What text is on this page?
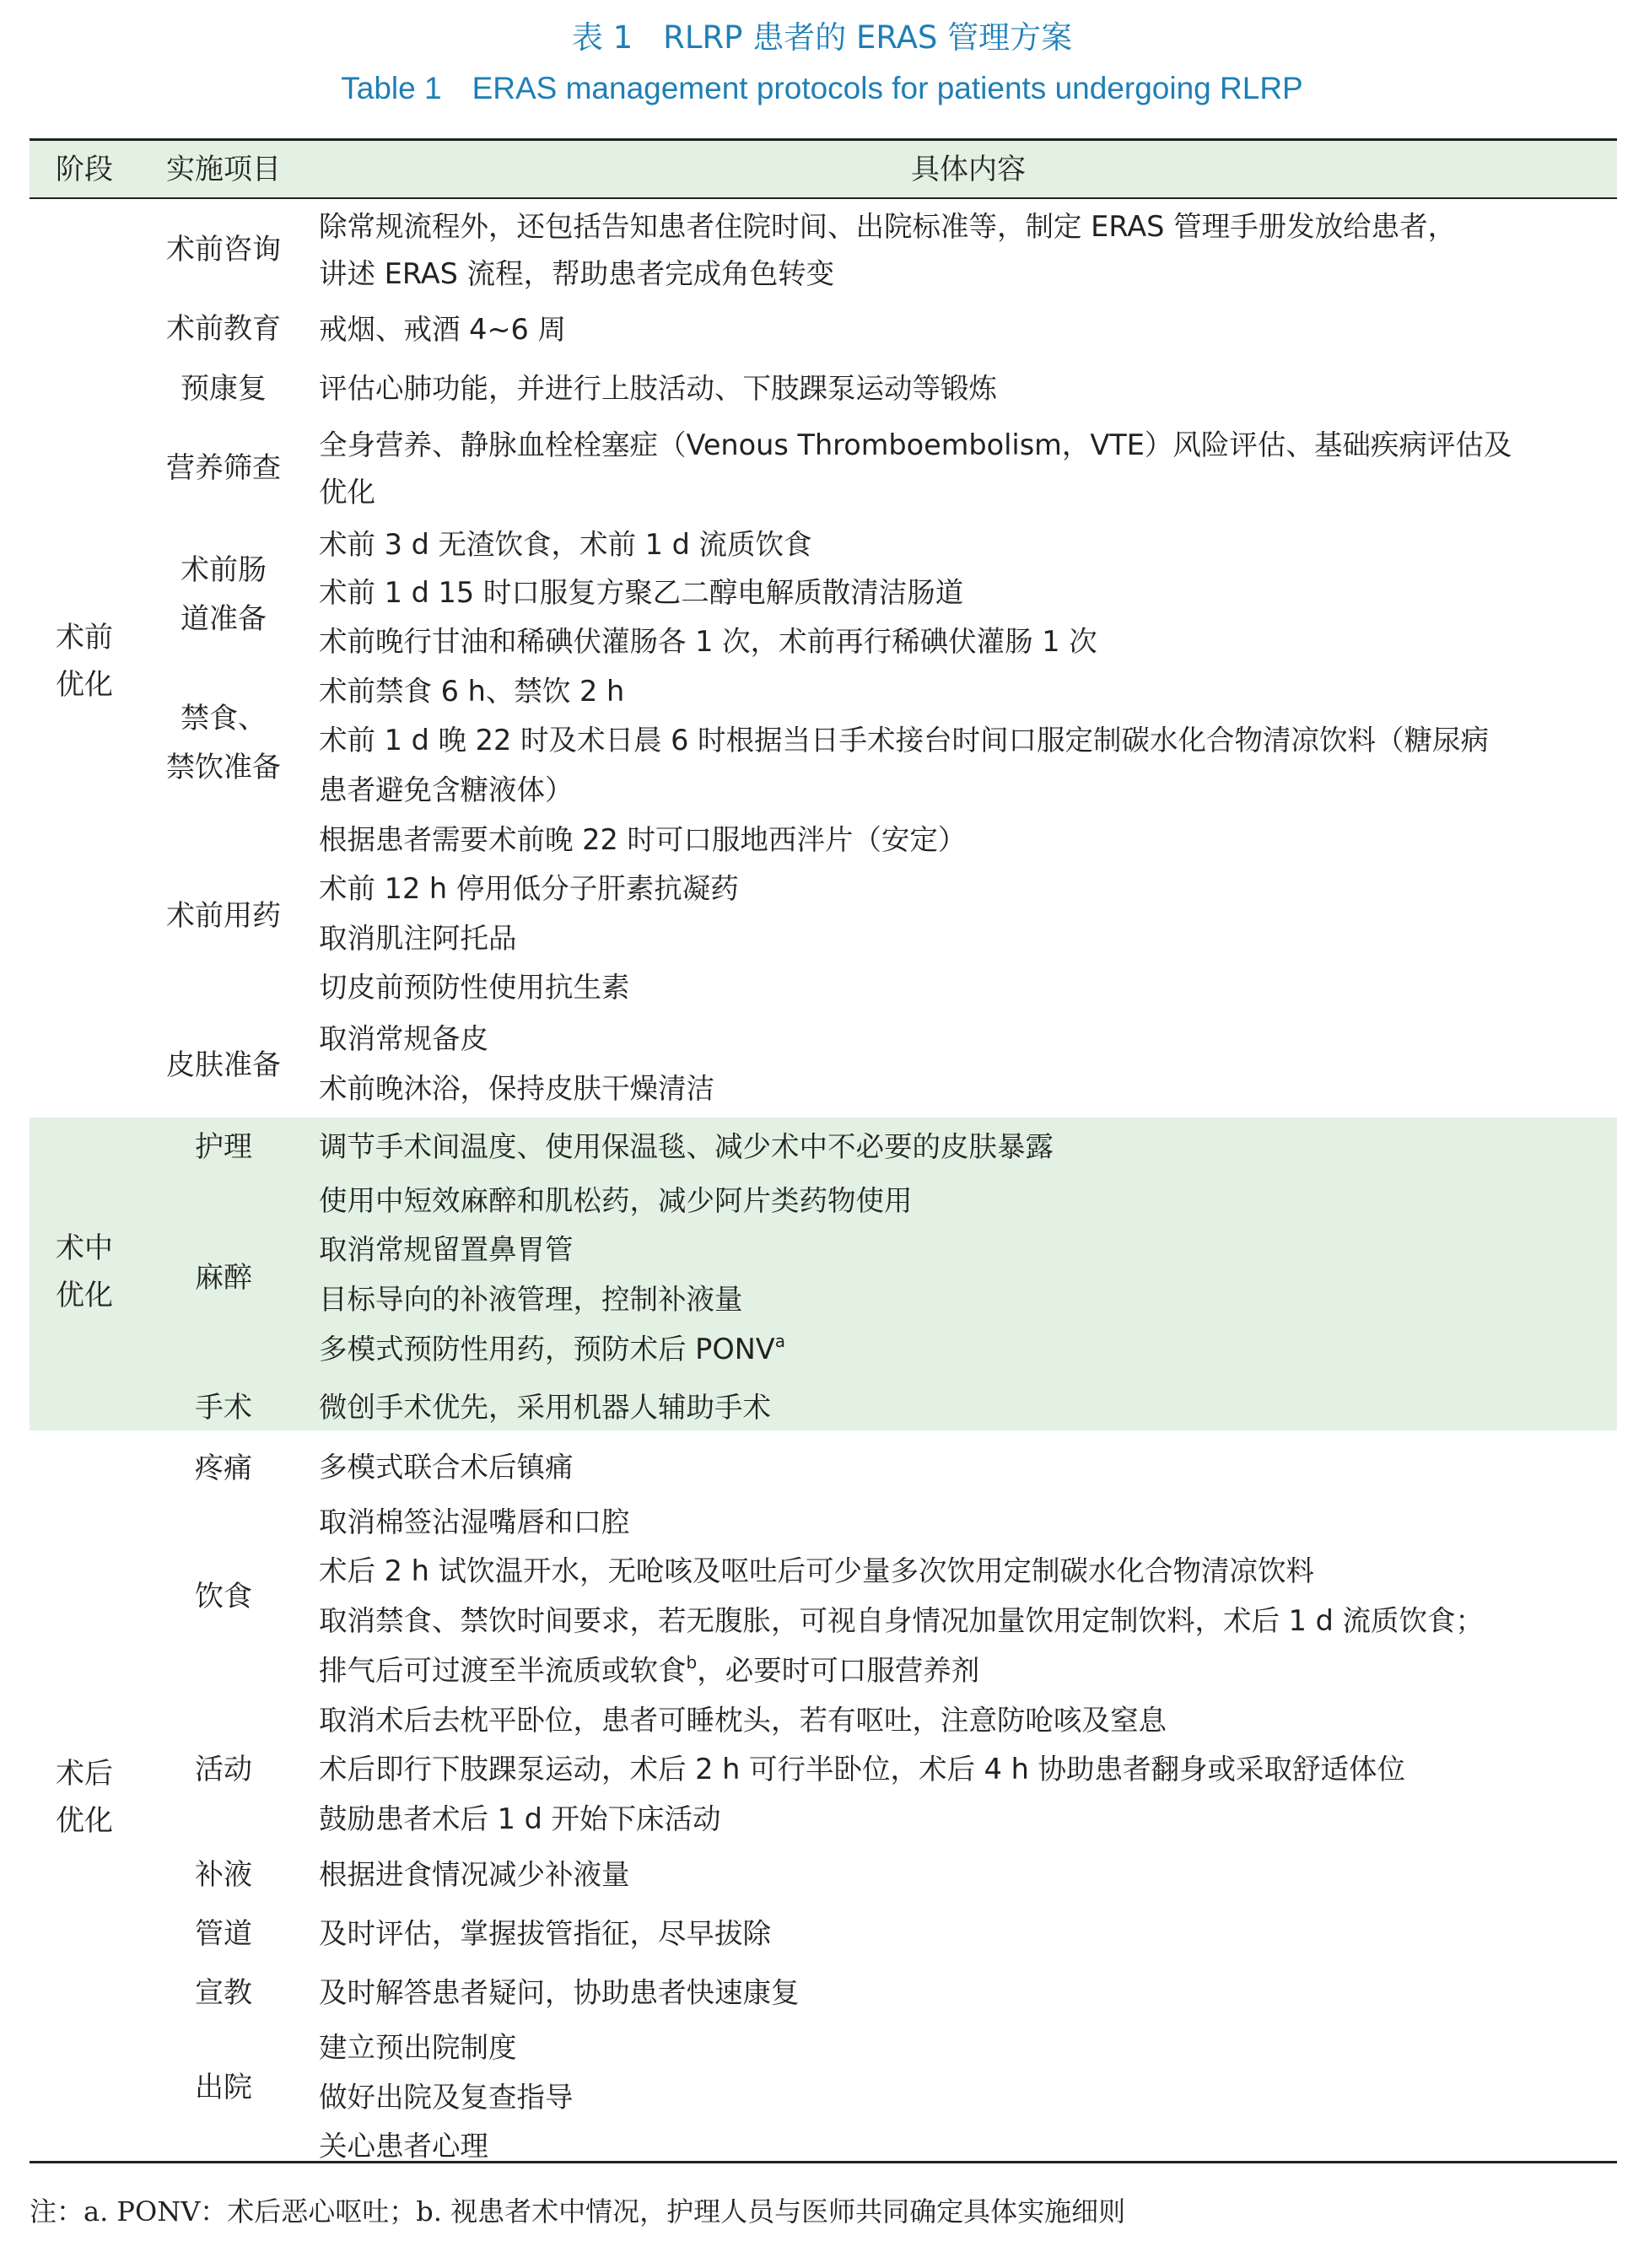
表 1 RLRP 患者的 ERAS 管理方案
Table 1 ERAS management protocols for patients undergoing RLRP
阶段	实施项目	具体内容
术前
优化
术中
优化
术后
优化
术前咨询
术前教育
预康复
营养筛查
术前肠
道准备
禁食、
禁饮准备
术前用药
皮肤准备
护理
麻醉
手术
疼痛
饮食
活动
补液
管道
宣教
出院
除常规流程外，还包括告知患者住院时间、出院标准等，制定 ERAS 管理手册发放给患者，
讲述 ERAS 流程，帮助患者完成角色转变
戒烟、戒酒 4~6 周
评估心肺功能，并进行上肢活动、下肢踝泵运动等锻炼
全身营养、静脉血栓栓塞症（Venous Thromboembolism，VTE）风险评估、基础疾病评估及
优化
术前 3 d 无渣饮食，术前 1 d 流质饮食
术前 1 d 15 时口服复方聚乙二醇电解质散清洁肠道
术前晚行甘油和稀碘伏灌肠各 1 次，术前再行稀碘伏灌肠 1 次
术前禁食 6 h、禁饮 2 h
术前 1 d 晚 22 时及术日晨 6 时根据当日手术接台时间口服定制碳水化合物清凉饮料（糖尿病
患者避免含糖液体）
根据患者需要术前晚 22 时可口服地西泮片（安定）
术前 12 h 停用低分子肝素抗凝药
取消肌注阿托品
切皮前预防性使用抗生素
取消常规备皮
术前晚沐浴，保持皮肤干燥清洁
调节手术间温度、使用保温毯、减少术中不必要的皮肤暴露
使用中短效麻醉和肌松药，减少阿片类药物使用
取消常规留置鼻胃管
目标导向的补液管理，控制补液量
多模式预防性用药，预防术后 PONV$^a$
微创手术优先，采用机器人辅助手术
多模式联合术后镇痛
取消棉签沾湿嘴唇和口腔
术后 2 h 试饮温开水，无呛咳及呕吐后可少量多次饮用定制碳水化合物清凉饮料
取消禁食、禁饮时间要求，若无腹胀，可视自身情况加量饮用定制饮料，术后 1 d 流质饮食；
排气后可过渡至半流质或软食$^b$，必要时可口服营养剂
取消术后去枕平卧位，患者可睡枕头，若有呕吐，注意防呛咳及窒息
术后即行下肢踝泵运动，术后 2 h 可行半卧位，术后 4 h 协助患者翻身或采取舒适体位
鼓励患者术后 1 d 开始下床活动
根据进食情况减少补液量
及时评估，掌握拔管指征，尽早拔除
及时解答患者疑问，协助患者快速康复
建立预出院制度
做好出院及复查指导
关心患者心理
注：a. PONV：术后恶心呕吐；b. 视患者术中情况，护理人员与医师共同确定具体实施细则
